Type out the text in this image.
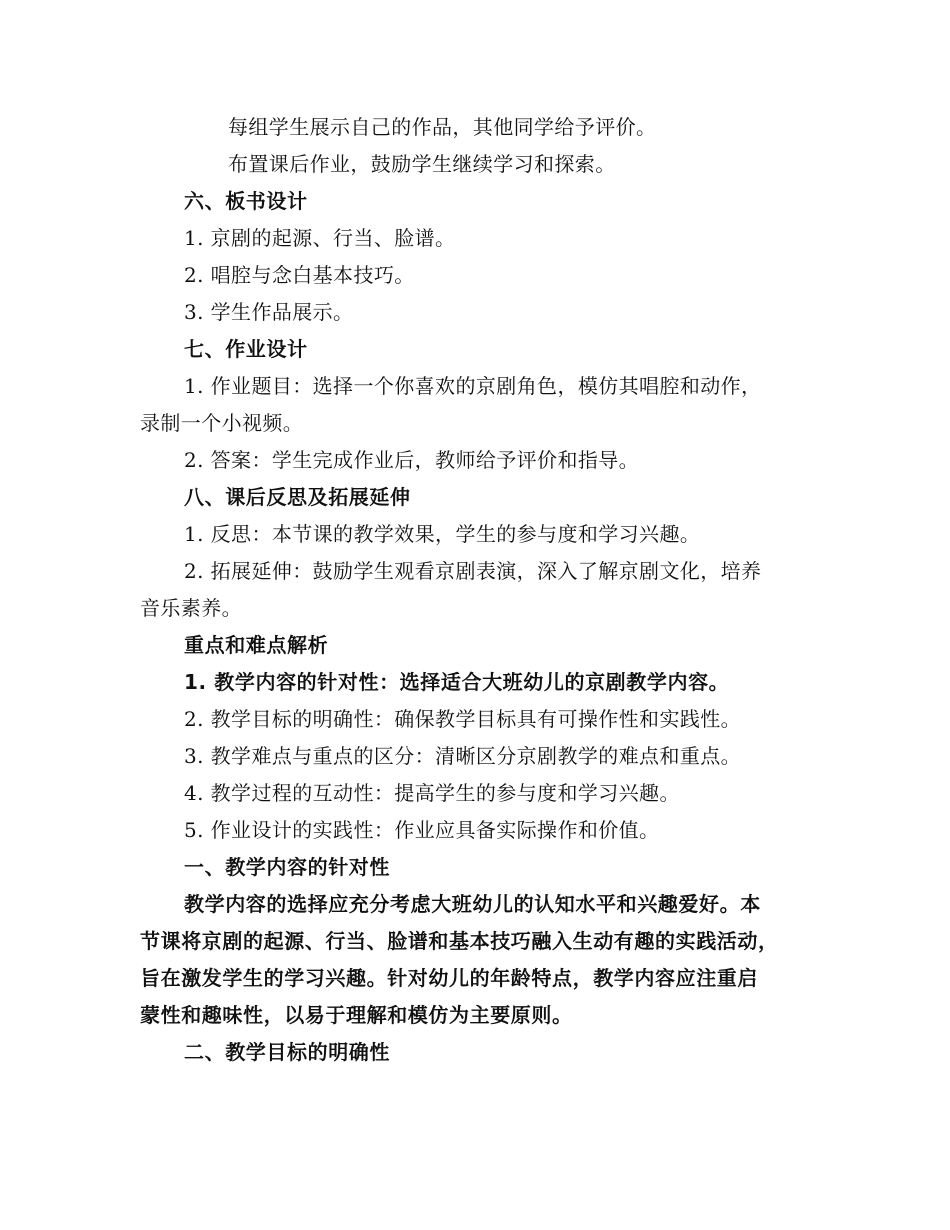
每组学生展示自己的作品，其他同学给予评价。
布置课后作业，鼓励学生继续学习和探索。
六、板书设计
1. 京剧的起源、行当、脸谱。
2. 唱腔与念白基本技巧。
3. 学生作品展示。
七、作业设计
1. 作业题目：选择一个你喜欢的京剧角色，模仿其唱腔和动作，
录制一个小视频。
2. 答案：学生完成作业后，教师给予评价和指导。
八、课后反思及拓展延伸
1. 反思：本节课的教学效果，学生的参与度和学习兴趣。
2. 拓展延伸：鼓励学生观看京剧表演，深入了解京剧文化，培养
音乐素养。
重点和难点解析
1. 教学内容的针对性：选择适合大班幼儿的京剧教学内容。
2. 教学目标的明确性：确保教学目标具有可操作性和实践性。
3. 教学难点与重点的区分：清晰区分京剧教学的难点和重点。
4. 教学过程的互动性：提高学生的参与度和学习兴趣。
5. 作业设计的实践性：作业应具备实际操作和价值。
一、教学内容的针对性
教学内容的选择应充分考虑大班幼儿的认知水平和兴趣爱好。本
节课将京剧的起源、行当、脸谱和基本技巧融入生动有趣的实践活动，
旨在激发学生的学习兴趣。针对幼儿的年龄特点，教学内容应注重启
蒙性和趣味性，以易于理解和模仿为主要原则。
二、教学目标的明确性
